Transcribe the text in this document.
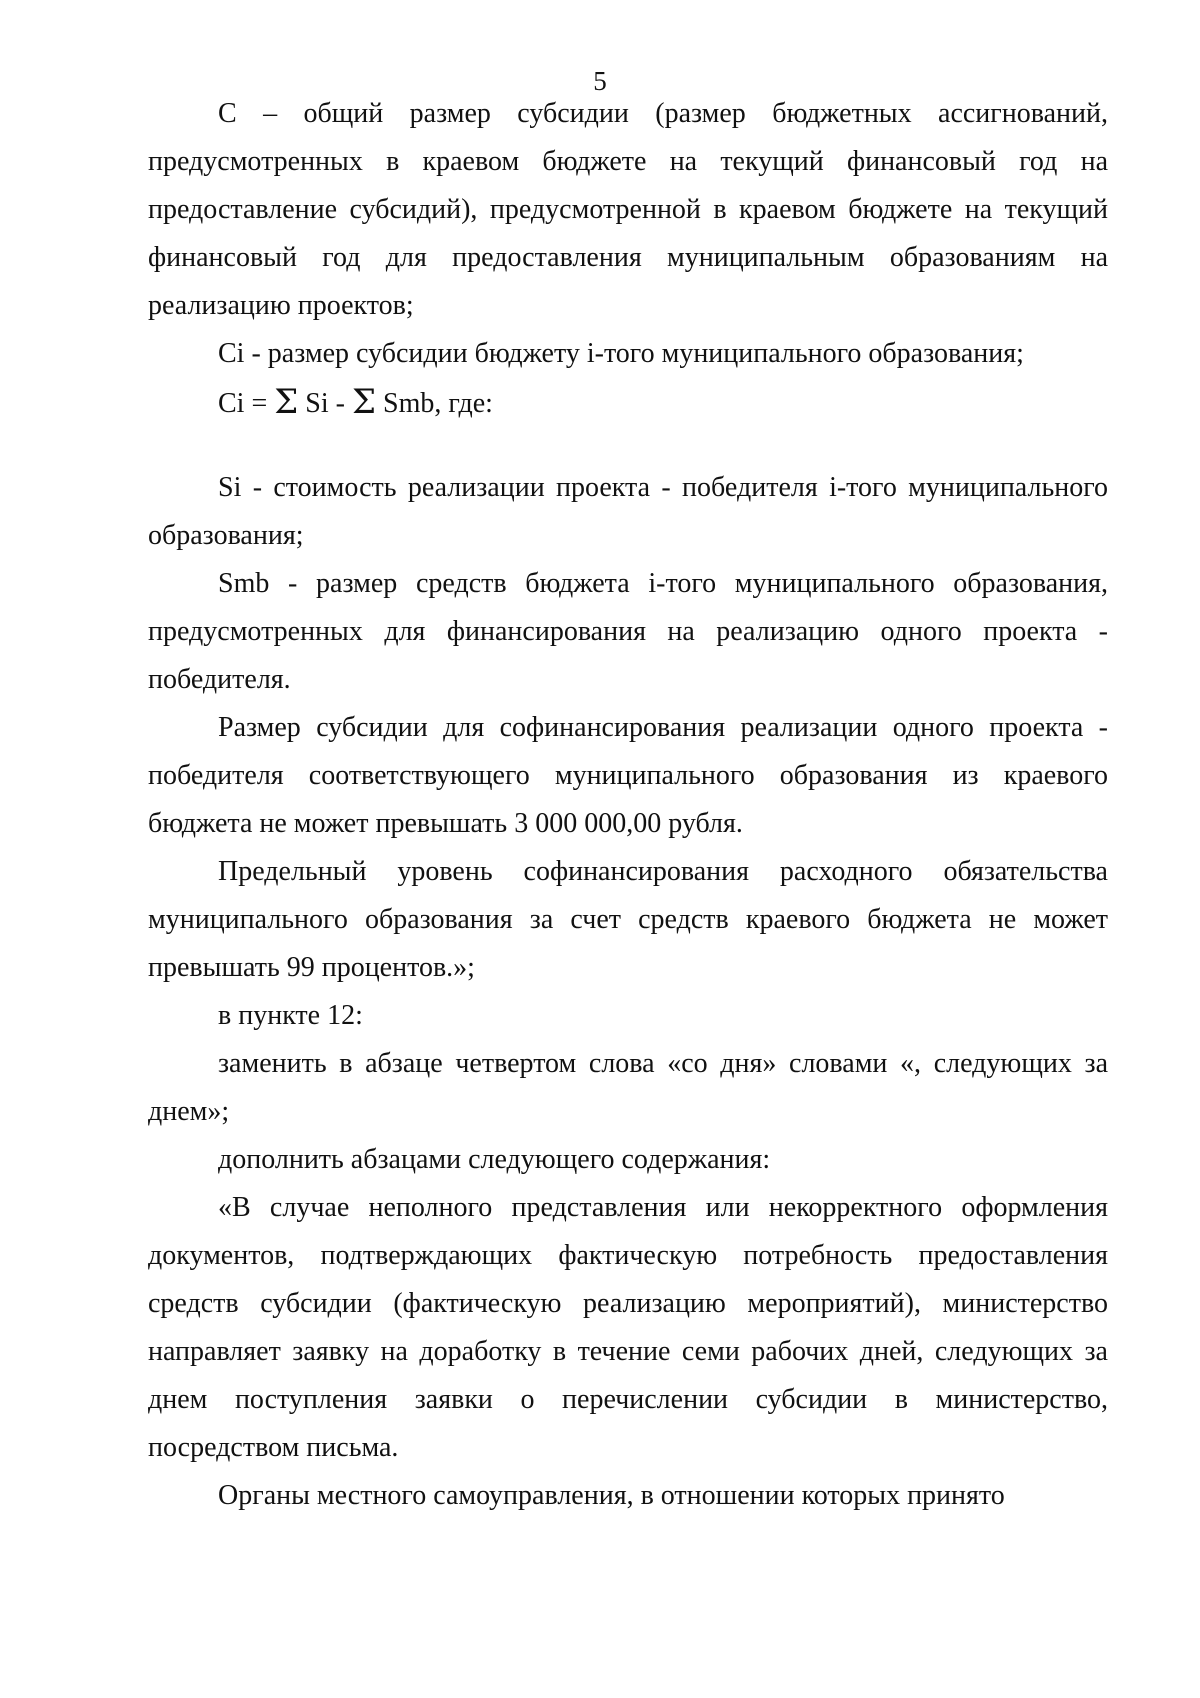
5

С – общий размер субсидии (размер бюджетных ассигнований, предусмотренных в краевом бюджете на текущий финансовый год на предоставление субсидий), предусмотренной в краевом бюджете на текущий финансовый год для предоставления муниципальным образованиям на реализацию проектов;

Ci - размер субсидии бюджету i-того муниципального образования;

Ci = Σ Si - Σ Smb, где:

Si - стоимость реализации проекта - победителя i-того муниципального образования;

Smb - размер средств бюджета i-того муниципального образования, предусмотренных для финансирования на реализацию одного проекта - победителя.

Размер субсидии для софинансирования реализации одного проекта - победителя соответствующего муниципального образования из краевого бюджета не может превышать 3 000 000,00 рубля.

Предельный уровень софинансирования расходного обязательства муниципального образования за счет средств краевого бюджета не может превышать 99 процентов.»;

в пункте 12:

заменить в абзаце четвертом слова «со дня» словами «, следующих за днем»;

дополнить абзацами следующего содержания:

«В случае неполного представления или некорректного оформления документов, подтверждающих фактическую потребность предоставления средств субсидии (фактическую реализацию мероприятий), министерство направляет заявку на доработку в течение семи рабочих дней, следующих за днем поступления заявки о перечислении субсидии в министерство, посредством письма.

Органы местного самоуправления, в отношении которых принято
